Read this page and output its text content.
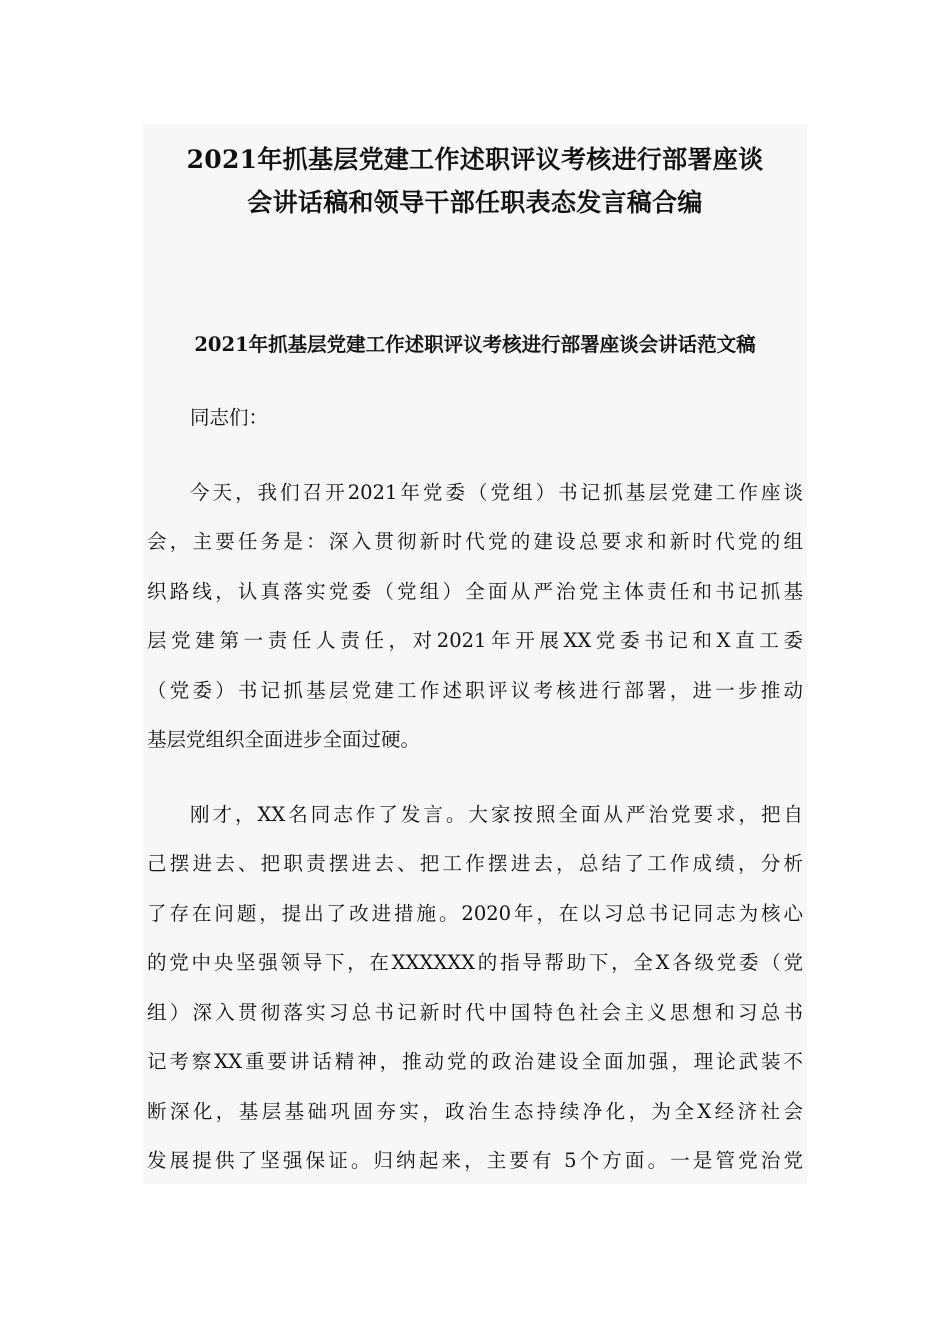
2021年抓基层党建工作述职评议考核进行部署座谈
会讲话稿和领导干部任职表态发言稿合编
2021年抓基层党建工作述职评议考核进行部署座谈会讲话范文稿

同志们：

今天，我们召开2021年党委（党组）书记抓基层党建工作座谈
会，主要任务是：深入贯彻新时代党的建设总要求和新时代党的组
织路线，认真落实党委（党组）全面从严治党主体责任和书记抓基
层党建第一责任人责任，对2021年开展XX党委书记和X直工委
（党委）书记抓基层党建工作述职评议考核进行部署，进一步推动
基层党组织全面进步全面过硬。

刚才，XX名同志作了发言。大家按照全面从严治党要求，把自
己摆进去、把职责摆进去、把工作摆进去，总结了工作成绩，分析
了存在问题，提出了改进措施。2020年，在以习总书记同志为核心
的党中央坚强领导下，在XXXXXX的指导帮助下，全X各级党委（党
组）深入贯彻落实习总书记新时代中国特色社会主义思想和习总书
记考察XX重要讲话精神，推动党的政治建设全面加强，理论武装不
断深化，基层基础巩固夯实，政治生态持续净化，为全X经济社会
发展提供了坚强保证。归纳起来，主要有 5个方面。一是管党治党
